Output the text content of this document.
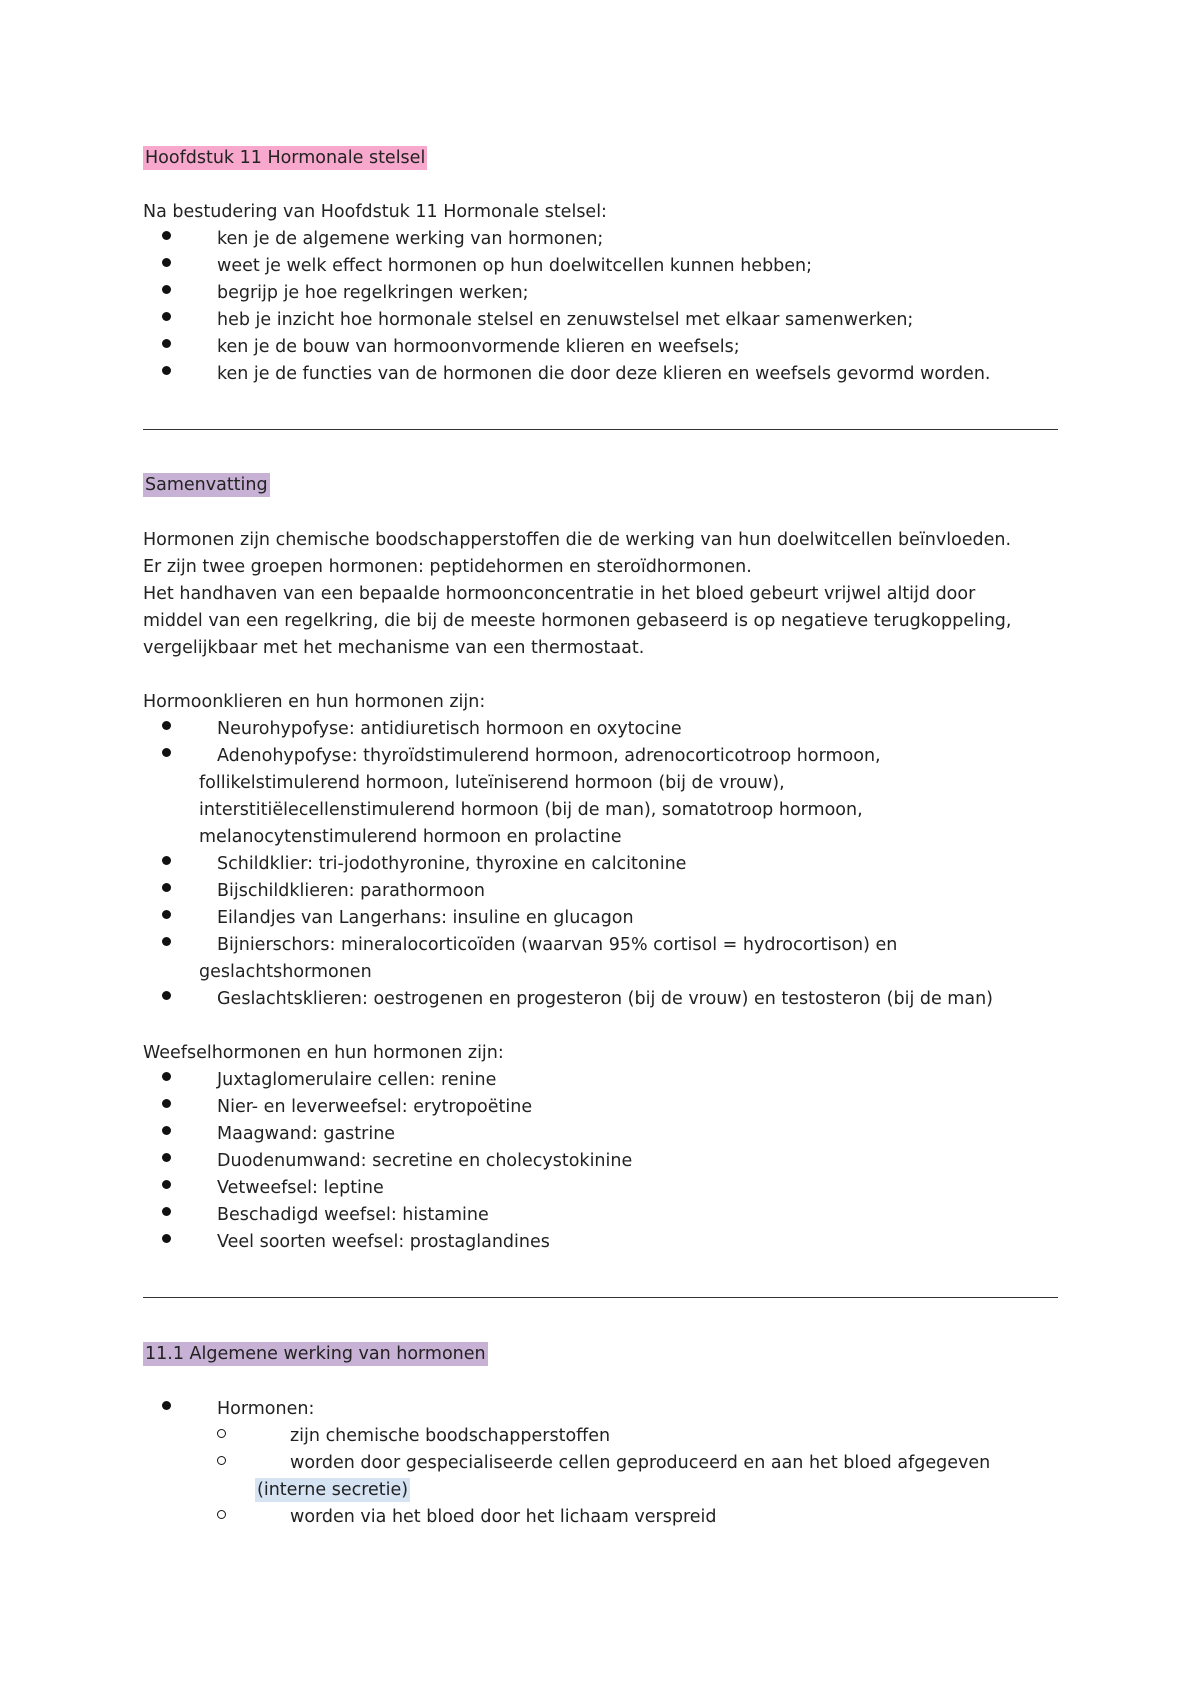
Hoofdstuk 11 Hormonale stelsel
Na bestudering van Hoofdstuk 11 Hormonale stelsel:
ken je de algemene werking van hormonen;
weet je welk effect hormonen op hun doelwitcellen kunnen hebben;
begrijp je hoe regelkringen werken;
heb je inzicht hoe hormonale stelsel en zenuwstelsel met elkaar samenwerken;
ken je de bouw van hormoonvormende klieren en weefsels;
ken je de functies van de hormonen die door deze klieren en weefsels gevormd worden.
Samenvatting
Hormonen zijn chemische boodschapperstoffen die de werking van hun doelwitcellen beïnvloeden.
Er zijn twee groepen hormonen: peptidehormen en steroïdhormonen.
Het handhaven van een bepaalde hormoonconcentratie in het bloed gebeurt vrijwel altijd door
middel van een regelkring, die bij de meeste hormonen gebaseerd is op negatieve terugkoppeling,
vergelijkbaar met het mechanisme van een thermostaat.
Hormoonklieren en hun hormonen zijn:
Neurohypofyse: antidiuretisch hormoon en oxytocine
Adenohypofyse: thyroïdstimulerend hormoon, adrenocorticotroop hormoon,
follikelstimulerend hormoon, luteïniserend hormoon (bij de vrouw),
interstitiëlecellenstimulerend hormoon (bij de man), somatotroop hormoon,
melanocytenstimulerend hormoon en prolactine
Schildklier: tri-jodothyronine, thyroxine en calcitonine
Bijschildklieren: parathormoon
Eilandjes van Langerhans: insuline en glucagon
Bijnierschors: mineralocorticoïden (waarvan 95% cortisol = hydrocortison) en
geslachtshormonen
Geslachtsklieren: oestrogenen en progesteron (bij de vrouw) en testosteron (bij de man)
Weefselhormonen en hun hormonen zijn:
Juxtaglomerulaire cellen: renine
Nier- en leverweefsel: erytropoëtine
Maagwand: gastrine
Duodenumwand: secretine en cholecystokinine
Vetweefsel: leptine
Beschadigd weefsel: histamine
Veel soorten weefsel: prostaglandines
11.1 Algemene werking van hormonen
Hormonen:
zijn chemische boodschapperstoffen
worden door gespecialiseerde cellen geproduceerd en aan het bloed afgegeven
(interne secretie)
worden via het bloed door het lichaam verspreid
